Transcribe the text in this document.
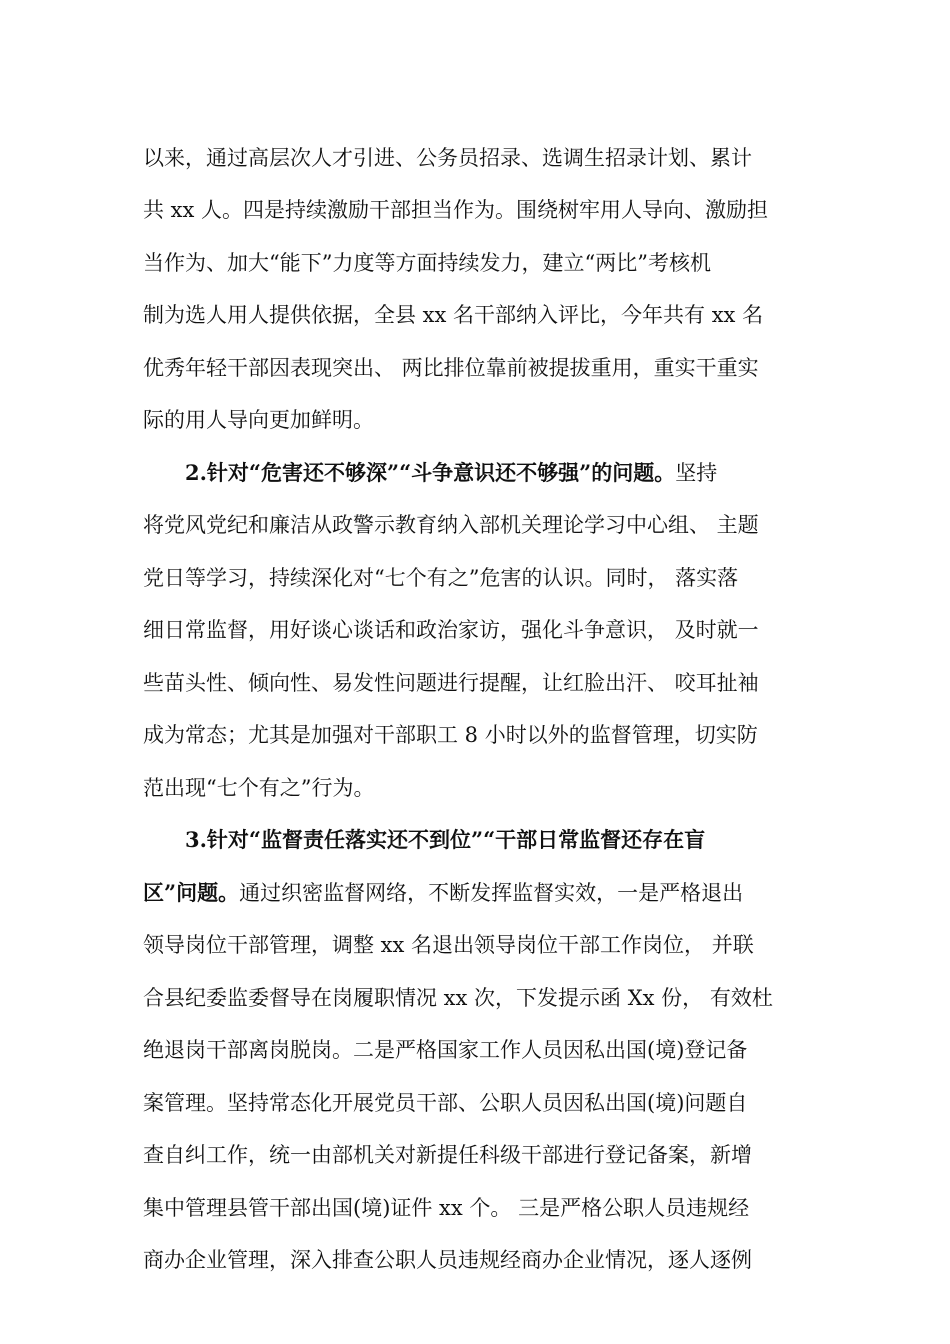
以来，通过高层次人才引进、公务员招录、选调生招录计划、累计
共 xx 人。四是持续激励干部担当作为。围绕树牢用人导向、激励担
当作为、加大“能下”力度等方面持续发力，建立“两比”考核机
制为选人用人提供依据，全县 xx 名干部纳入评比，今年共有 xx 名
优秀年轻干部因表现突出、 两比排位靠前被提拔重用，重实干重实
际的用人导向更加鲜明。
2.针对“危害还不够深”“斗争意识还不够强”的问题。坚持
将党风党纪和廉洁从政警示教育纳入部机关理论学习中心组、 主题
党日等学习，持续深化对“七个有之”危害的认识。同时， 落实落
细日常监督，用好谈心谈话和政治家访，强化斗争意识， 及时就一
些苗头性、倾向性、易发性问题进行提醒，让红脸出汗、 咬耳扯袖
成为常态；尤其是加强对干部职工 8 小时以外的监督管理，切实防
范出现“七个有之”行为。
3.针对“监督责任落实还不到位”“干部日常监督还存在盲
区”问题。通过织密监督网络，不断发挥监督实效，一是严格退出
领导岗位干部管理，调整 xx 名退出领导岗位干部工作岗位， 并联
合县纪委监委督导在岗履职情况 xx 次，下发提示函 Xx 份， 有效杜
绝退岗干部离岗脱岗。二是严格国家工作人员因私出国(境)登记备
案管理。坚持常态化开展党员干部、公职人员因私出国(境)问题自
查自纠工作，统一由部机关对新提任科级干部进行登记备案，新增
集中管理县管干部出国(境)证件 xx 个。 三是严格公职人员违规经
商办企业管理，深入排查公职人员违规经商办企业情况，逐人逐例
